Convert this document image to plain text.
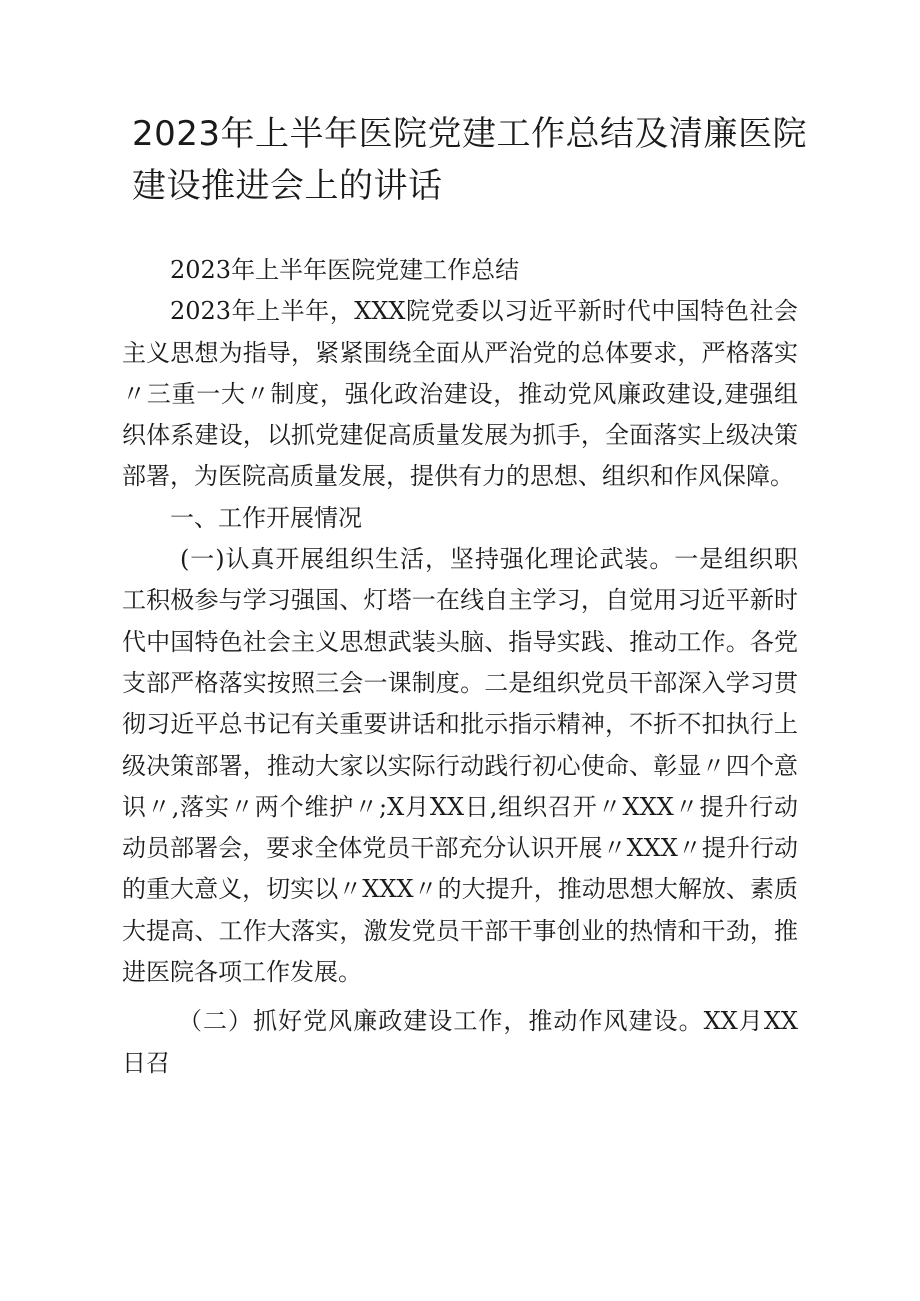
2023年上半年医院党建工作总结及清廉医院建设推进会上的讲话

2023年上半年医院党建工作总结

2023年上半年，XXX院党委以习近平新时代中国特色社会主义思想为指导，紧紧围绕全面从严治党的总体要求，严格落实〃三重一大〃制度，强化政治建设，推动党风廉政建设,建强组织体系建设，以抓党建促高质量发展为抓手，全面落实上级决策部署，为医院高质量发展，提供有力的思想、组织和作风保障。

一、工作开展情况

(一)认真开展组织生活，坚持强化理论武装。一是组织职工积极参与学习强国、灯塔一在线自主学习，自觉用习近平新时代中国特色社会主义思想武装头脑、指导实践、推动工作。各党支部严格落实按照三会一课制度。二是组织党员干部深入学习贯彻习近平总书记有关重要讲话和批示指示精神，不折不扣执行上级决策部署，推动大家以实际行动践行初心使命、彰显〃四个意识〃,落实〃两个维护〃;X月XX日,组织召开〃XXX〃提升行动动员部署会，要求全体党员干部充分认识开展〃XXX〃提升行动的重大意义，切实以〃XXX〃的大提升，推动思想大解放、素质大提高、工作大落实，激发党员干部干事创业的热情和干劲，推进医院各项工作发展。

（二）抓好党风廉政建设工作，推动作风建设。XX月XX日召
